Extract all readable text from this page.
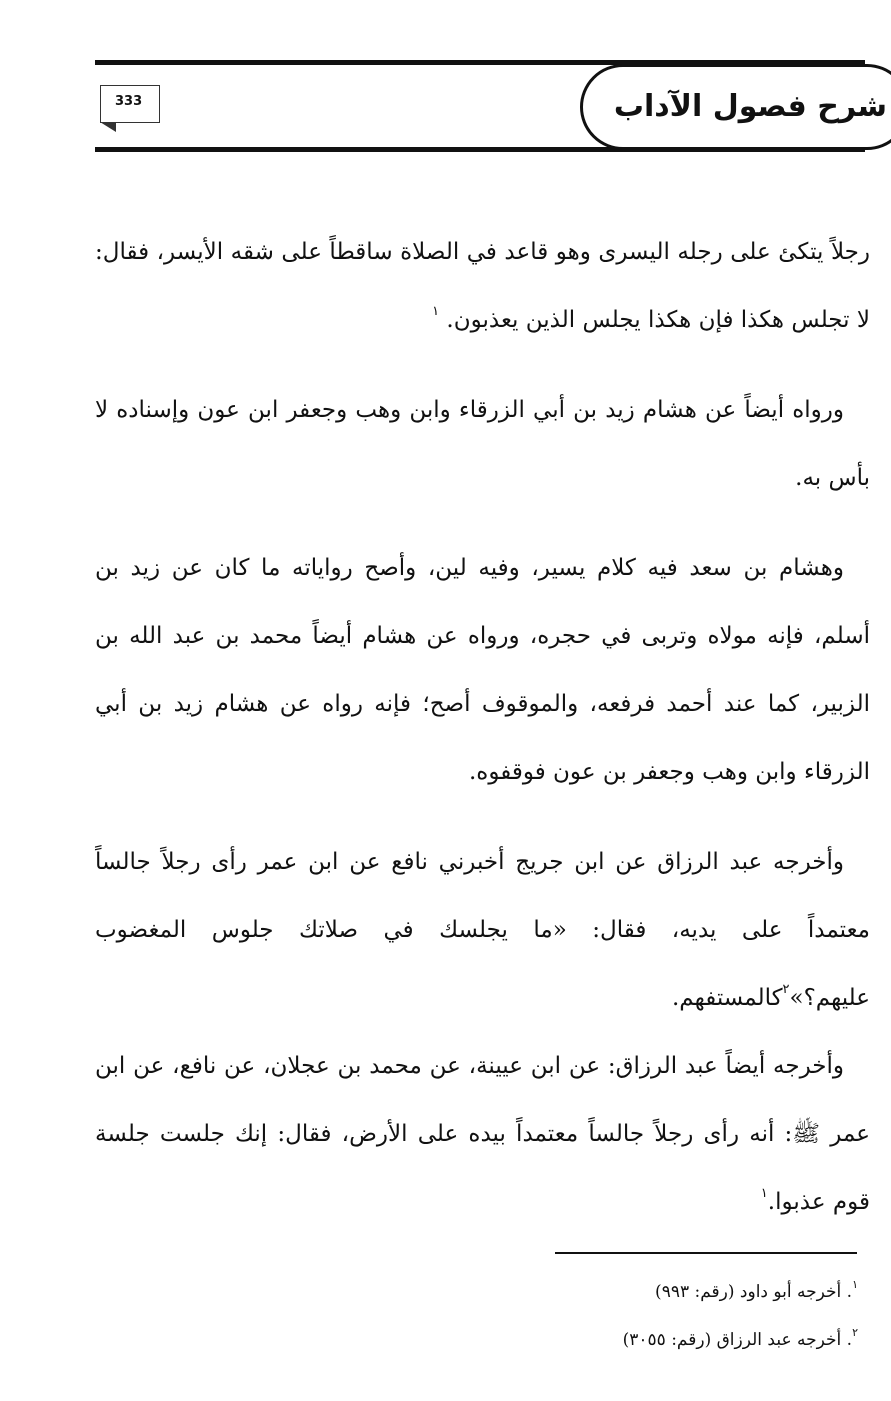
شرح فصول الآداب
333

رجلاً يتكئ على رجله اليسرى وهو قاعد في الصلاة ساقطاً على شقه الأيسر، فقال: لا تجلس هكذا فإن هكذا يجلس الذين يعذبون. $^١$

ورواه أيضاً عن هشام زيد بن أبي الزرقاء وابن وهب وجعفر ابن عون وإسناده لا بأس به.

وهشام بن سعد فيه كلام يسير، وفيه لين، وأصح رواياته ما كان عن زيد بن أسلم، فإنه مولاه وتربى في حجره، ورواه عن هشام أيضاً محمد بن عبد الله بن الزبير، كما عند أحمد فرفعه، والموقوف أصح؛ فإنه رواه عن هشام زيد بن أبي الزرقاء وابن وهب وجعفر بن عون فوقفوه.

وأخرجه عبد الرزاق عن ابن جريج أخبرني نافع عن ابن عمر رأى رجلاً جالساً معتمداً على يديه، فقال: «ما يجلسك في صلاتك جلوس المغضوب عليهم؟»$^٢$كالمستفهم.

وأخرجه أيضاً عبد الرزاق: عن ابن عيينة، عن محمد بن عجلان، عن نافع، عن ابن عمر ﷺ: أنه رأى رجلاً جالساً معتمداً بيده على الأرض، فقال: إنك جلست جلسة قوم عذبوا.$^١$

$^١$. أخرجه أبو داود (رقم: ٩٩٣)
$^٢$. أخرجه عبد الرزاق (رقم: ٣٠٥٥)
